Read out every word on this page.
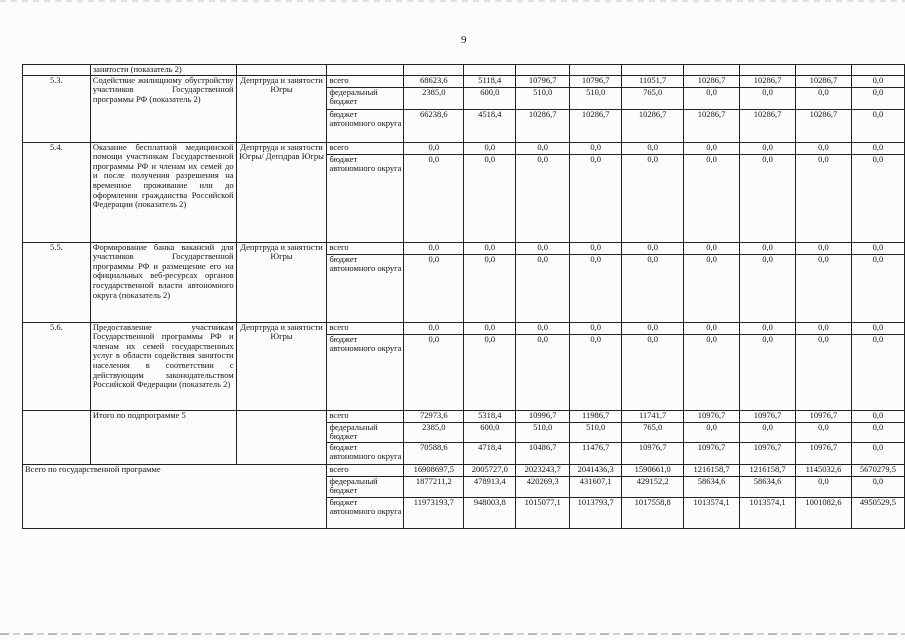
9
	занятости (показатель 2)											
5.3.	Содействие жилищному обустройству участников Государственной программы РФ (показатель 2)	Депртруда и занятости Югры	всего	68623,6	5118,4	10796,7	10796,7	11051,7	10286,7	10286,7	10286,7	0,0
			федеральный бюджет	2385,0	600,0	510,0	510,0	765,0	0,0	0,0	0,0	0,0
			бюджет автономного округа	66238,6	4518,4	10286,7	10286,7	10286,7	10286,7	10286,7	10286,7	0,0
5.4.	Оказание бесплатной медицинской помощи участникам Государственной программы РФ и членам их семей до и после получения разрешения на временное проживание или до оформления гражданства Российской Федерации (показатель 2)	Депртруда и занятости Югры/ Депздрав Югры	всего	0,0	0,0	0,0	0,0	0,0	0,0	0,0	0,0	0,0
			бюджет автономного округа	0,0	0,0	0,0	0,0	0,0	0,0	0,0	0,0	0,0
5.5.	Формирование банка вакансий для участников Государственной программы РФ и размещение его на официальных веб-ресурсах органов государственной власти автономного округа (показатель 2)	Депртруда и занятости Югры	всего	0,0	0,0	0,0	0,0	0,0	0,0	0,0	0,0	0,0
			бюджет автономного округа	0,0	0,0	0,0	0,0	0,0	0,0	0,0	0,0	0,0
5.6.	Предоставление участникам Государственной программы РФ и членам их семей государственных услуг в области содействия занятости населения в соответствии с действующим законодательством Российской Федерации (показатель 2)	Депртруда и занятости Югры	всего	0,0	0,0	0,0	0,0	0,0	0,0	0,0	0,0	0,0
			бюджет автономного округа	0,0	0,0	0,0	0,0	0,0	0,0	0,0	0,0	0,0
	Итого по подпрограмме 5		всего	72973,6	5318,4	10996,7	11986,7	11741,7	10976,7	10976,7	10976,7	0,0
			федеральный бюджет	2385,0	600,0	510,0	510,0	765,0	0,0	0,0	0,0	0,0
			бюджет автономного округа	70588,6	4718,4	10486,7	11476,7	10976,7	10976,7	10976,7	10976,7	0,0
Всего по государственной программе			всего	16908697,5	2005727,0	2023243,7	2041436,3	1590661,0	1216158,7	1216158,7	1145032,6	5670279,5
			федеральный бюджет	1877211,2	478913,4	420269,3	431607,1	429152,2	58634,6	58634,6	0,0	0,0
			бюджет автономного округа	11973193,7	948003,8	1015077,1	1013793,7	1017558,8	1013574,1	1013574,1	1001082,6	4950529,5
